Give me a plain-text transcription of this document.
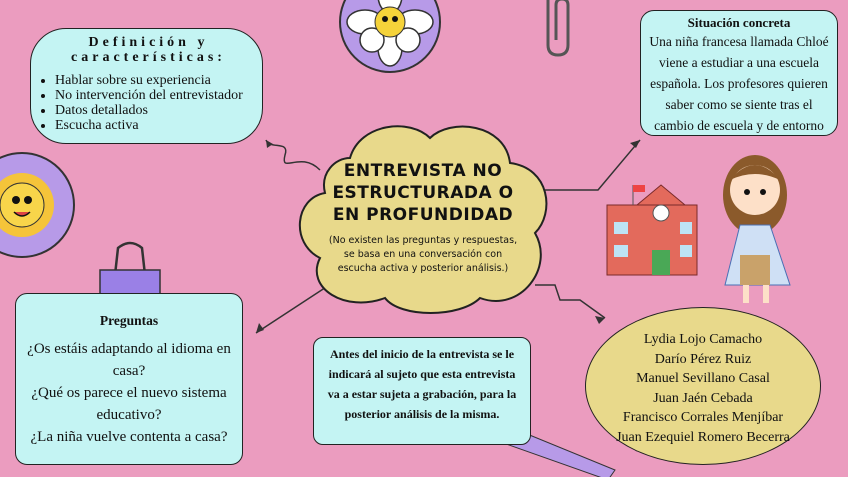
Definición y características:
• Hablar sobre su experiencia
• No intervención del entrevistador
• Datos detallados
• Escucha activa
Situación concreta
Una niña francesa llamada Chloé viene a estudiar a una escuela española. Los profesores quieren saber como se siente tras el cambio de escuela y de entorno
ENTREVISTA NO ESTRUCTURADA O EN PROFUNDIDAD
(No existen las preguntas y respuestas, se basa en una conversación con escucha activa y posterior análisis.)
Preguntas
¿Os estáis adaptando al idioma en casa?
¿Qué os parece el nuevo sistema educativo?
¿La niña vuelve contenta a casa?
Antes del inicio de la entrevista se le indicará al sujeto que esta entrevista va a estar sujeta a grabación, para la posterior análisis de la misma.
Lydia Lojo Camacho
Darío Pérez Ruiz
Manuel Sevillano Casal
Juan Jaén Cebada
Francisco Corrales Menjíbar
Juan Ezequiel Romero Becerra
